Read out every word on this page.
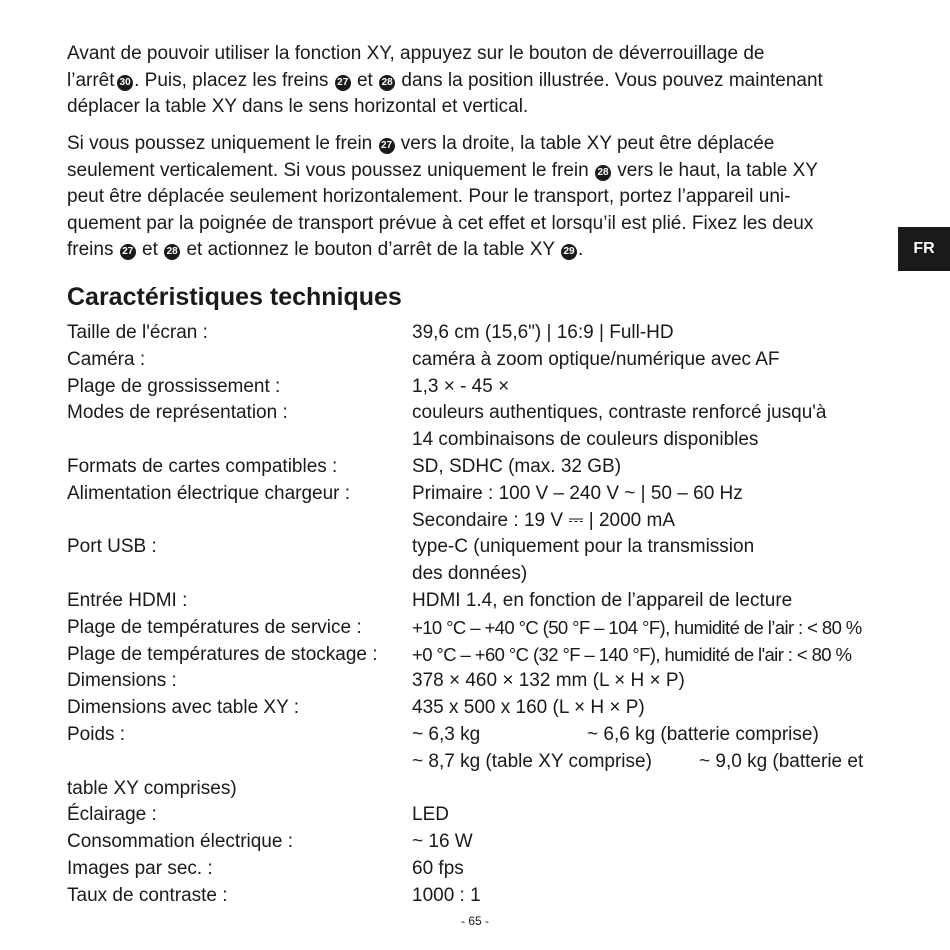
Avant de pouvoir utiliser la fonction XY, appuyez sur le bouton de déverrouillage de
l’arrêt  30 . Puis, placez les freins 27 et 28 dans la position illustrée. Vous pouvez maintenant
déplacer la table XY dans le sens horizontal et vertical.
Si vous poussez uniquement le frein 27 vers la droite, la table XY peut être déplacée
seulement verticalement. Si vous poussez uniquement le frein 28 vers le haut, la table XY
peut être déplacée seulement horizontalement. Pour le transport, portez l’appareil uni-
quement par la poignée de transport prévue à cet effet et lorsqu’il est plié. Fixez les deux
freins 27 et 28 et actionnez le bouton d’arrêt de la table XY 29 .	FR
Caractéristiques techniques
Taille de l'écran :	39,6 cm (15,6") | 16:9 | Full-HD
Caméra :	caméra à zoom optique/numérique avec AF
Plage de grossissement :	1,3 × - 45 ×
Modes de représentation :	couleurs authentiques, contraste renforcé jusqu'à
14 combinaisons de couleurs disponibles
Formats de cartes compatibles :	SD, SDHC (max. 32 GB)
Alimentation électrique chargeur :	Primaire : 100 V – 240 V ~ | 50 – 60 Hz
Secondaire : 19 V ⎓ | 2000 mA
Port USB :	type-C (uniquement pour la transmission
des données)
Entrée HDMI :	HDMI 1.4, en fonction de l’appareil de lecture
Plage de températures de service :	+10 °C – +40 °C (50 °F – 104 °F), humidité de l’air : < 80 %
Plage de températures de stockage : +0 °C – +60 °C (32 °F – 140 °F), humidité de l'air : < 80 %
Dimensions :	378 × 460 × 132 mm (L × H × P)
Dimensions avec table XY :	435 x 500 x 160 (L × H × P)
Poids :	~ 6,3 kg	~ 6,6 kg (batterie comprise)
~ 8,7 kg (table XY comprise) ~ 9,0 kg (batterie et
table XY comprises)
Éclairage :	LED
Consommation électrique :	~ 16 W
Images par sec. :	60 fps
Taux de contraste :	1000 : 1
- 65 -
